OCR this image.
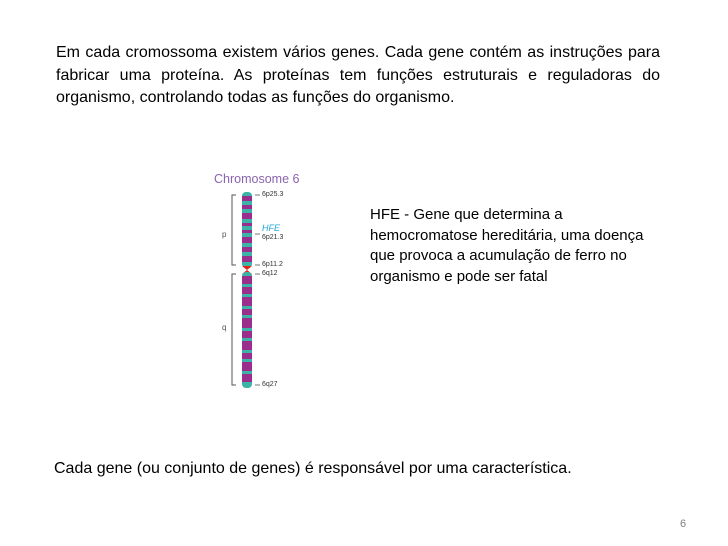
Em cada cromossoma existem vários genes. Cada gene contém as instruções para fabricar uma proteína. As proteínas tem funções estruturais e reguladoras do organismo, controlando todas as funções do organismo.

Chromosome 6
p
q
6p25.3
HFE
6p21.3
6p11.2
6q12
6q27

HFE - Gene que determina a hemocromatose hereditária, uma doença que provoca a acumulação de ferro no organismo e pode ser fatal

Cada gene (ou conjunto de genes) é responsável por uma característica.

6
